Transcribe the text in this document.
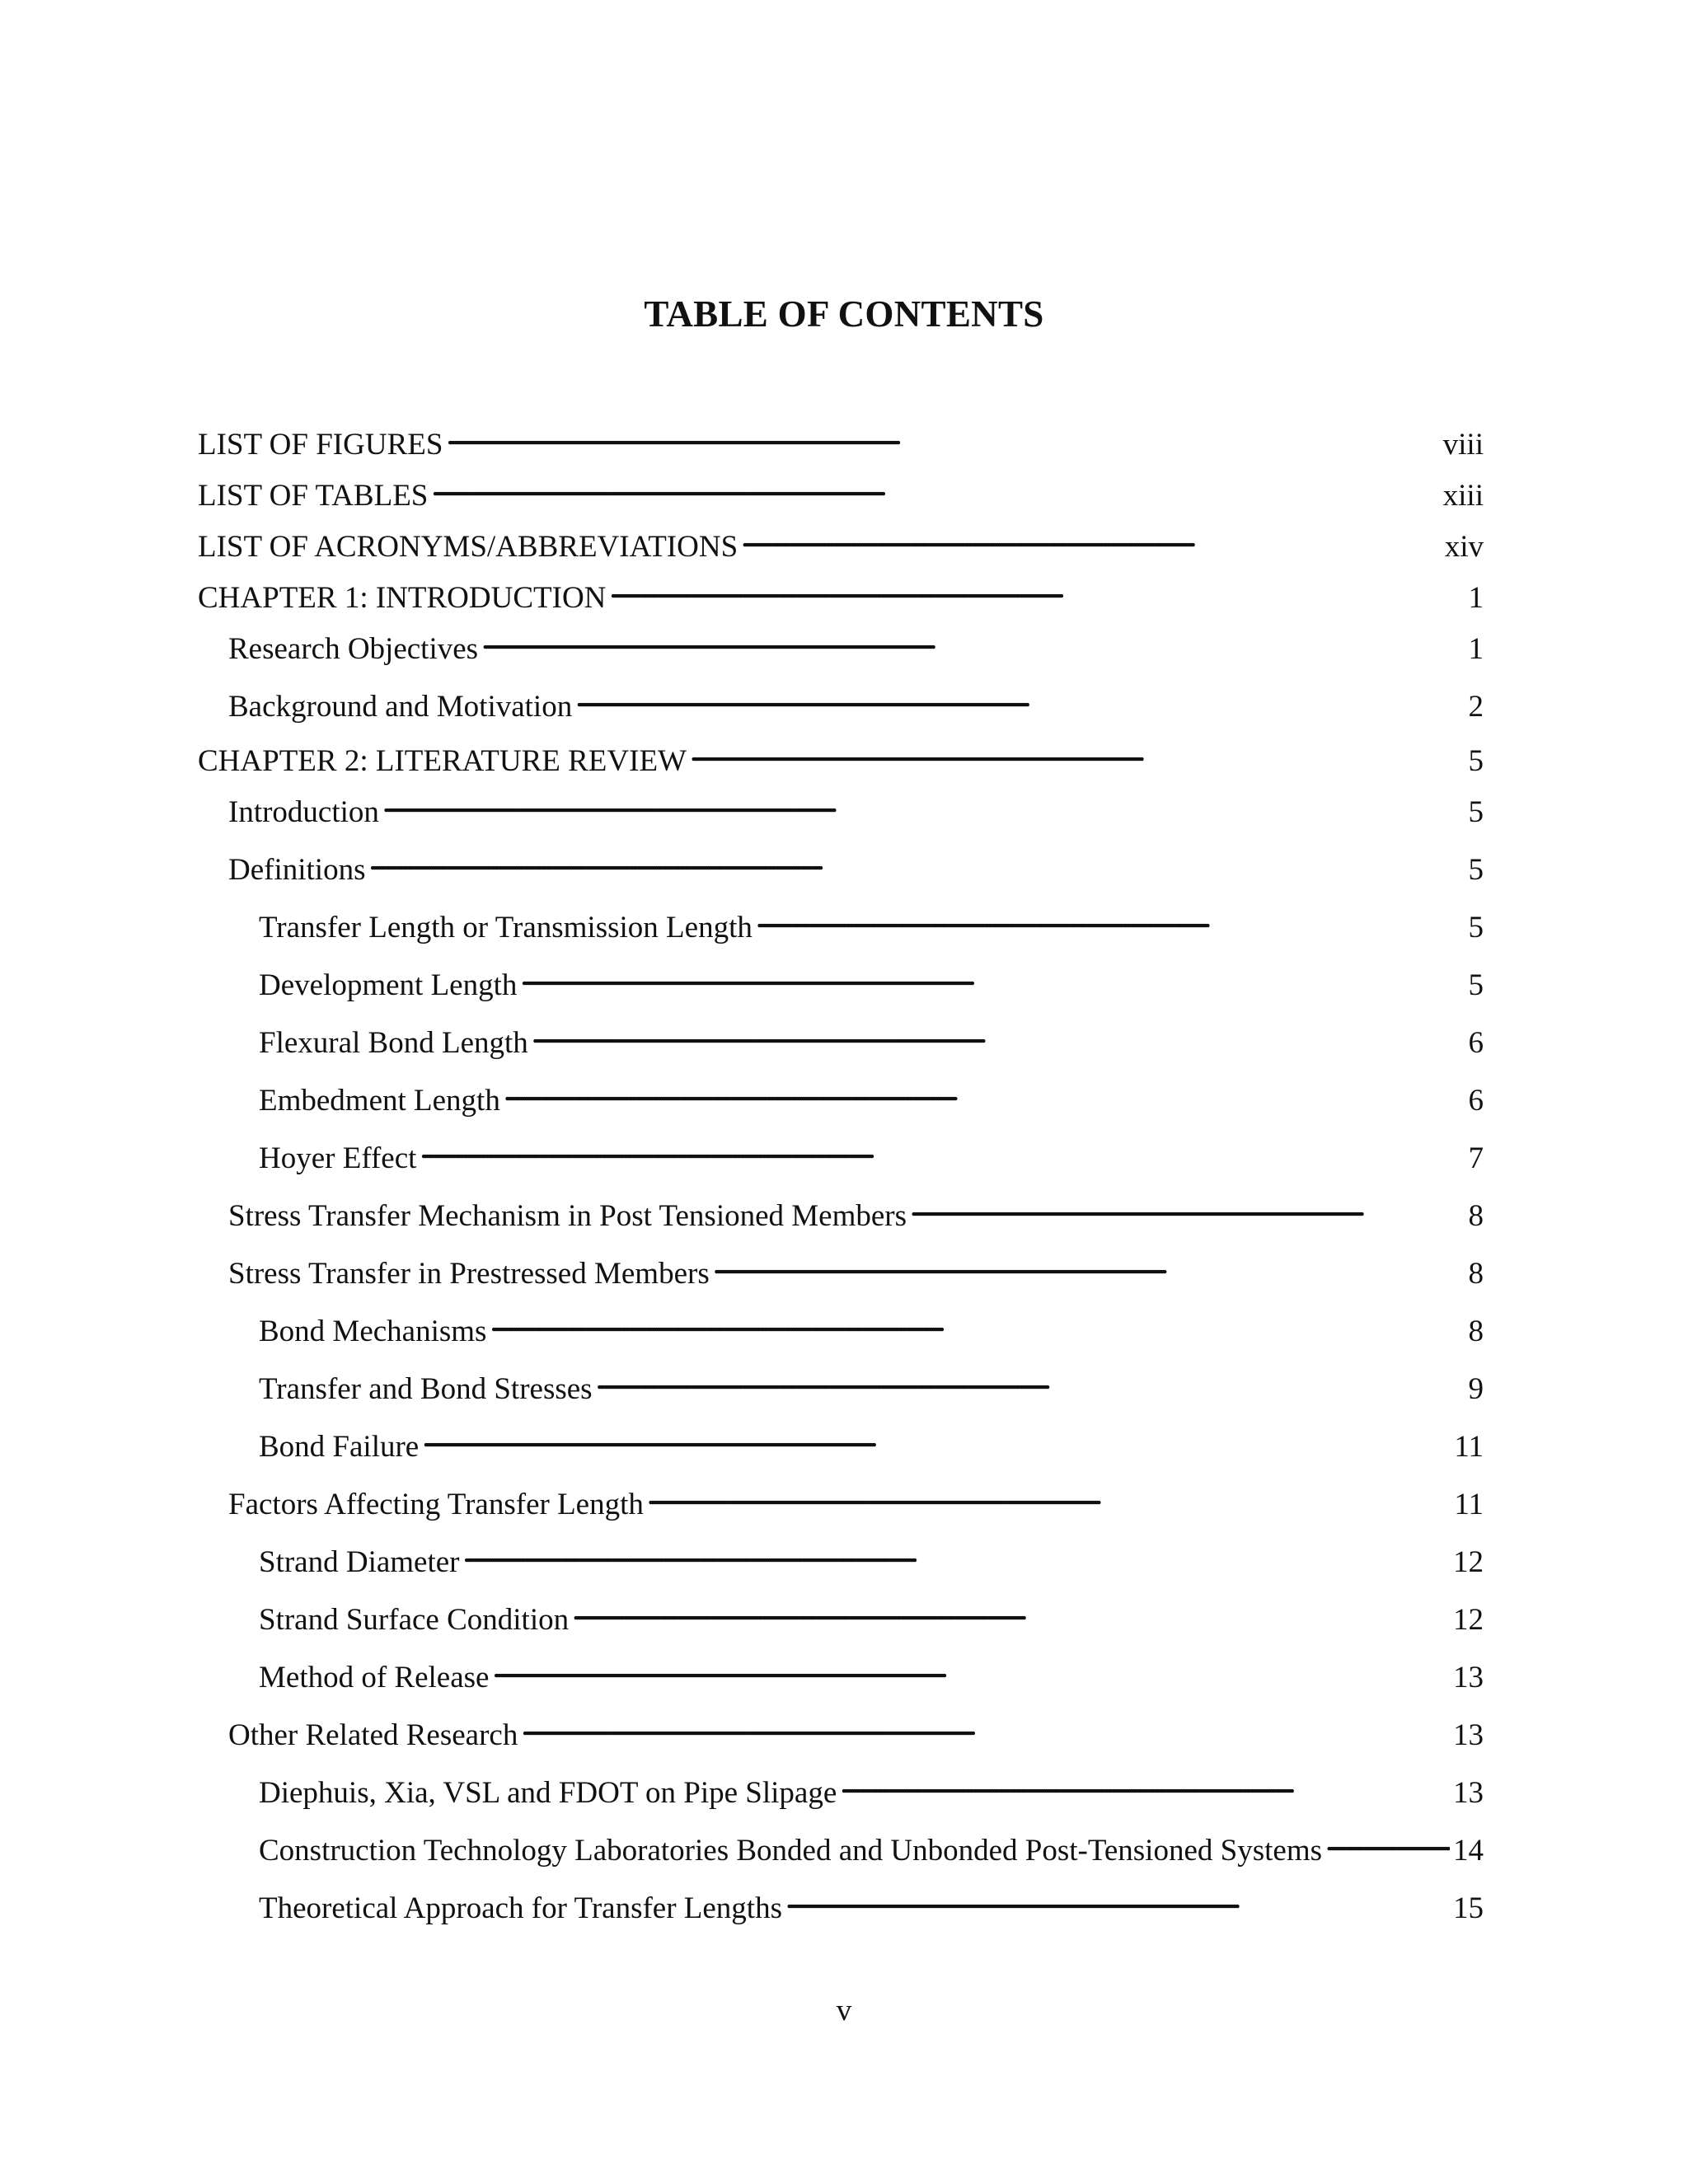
TABLE OF CONTENTS
LIST OF FIGURES . . .	viii
LIST OF TABLES . . .	xiii
LIST OF ACRONYMS/ABBREVIATIONS . . .	xiv
CHAPTER 1: INTRODUCTION . . .	1
Research Objectives . . .	1
Background and Motivation . . .	2
CHAPTER 2: LITERATURE REVIEW . . .	5
Introduction . . .	5
Definitions . . .	5
Transfer Length or Transmission Length . . .	5
Development Length . . .	5
Flexural Bond Length . . .	6
Embedment Length . . .	6
Hoyer Effect . . .	7
Stress Transfer Mechanism in Post Tensioned Members . . .	8
Stress Transfer in Prestressed Members . . .	8
Bond Mechanisms . . .	8
Transfer and Bond Stresses . . .	9
Bond Failure . . .	11
Factors Affecting Transfer Length . . .	11
Strand Diameter . . .	12
Strand Surface Condition . . .	12
Method of Release . . .	13
Other Related Research . . .	13
Diephuis, Xia, VSL and FDOT on Pipe Slipage . . .	13
Construction Technology Laboratories Bonded and Unbonded Post-Tensioned Systems . . .	14
Theoretical Approach for Transfer Lengths . . .	15
v
